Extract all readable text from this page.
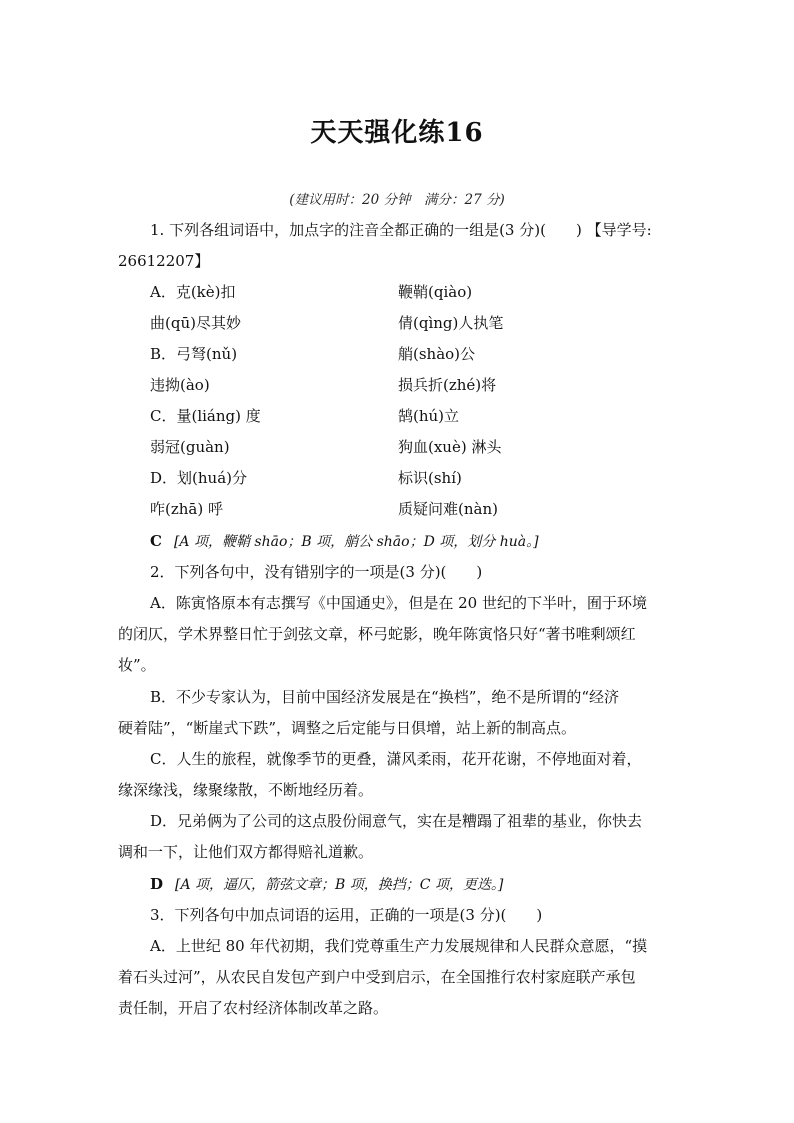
天天强化练16
(建议用时：20 分钟　满分：27 分)
1. 下列各组词语中，加点字的注音全都正确的一组是(3 分)(　　) 【导学号:
26612207】
A．克(kè)扣	鞭鞘(qiào)
曲(qū)尽其妙	倩(qìng)人执笔
B．弓弩(nǔ)	艄(shào)公
违拗(ào)	损兵折(zhé)将
C．量(liáng) 度	鹄(hú)立
弱冠(guàn)	狗血(xuè) 淋头
D．划(huá)分	标识(shí)
咋(zhā) 呼	质疑问难(nàn)
C [A 项，鞭鞘 shāo；B 项，艄公 shāo；D 项，划分 huà。]
2．下列各句中，没有错别字的一项是(3 分)(　　)
A．陈寅恪原本有志撰写《中国通史》，但是在 20 世纪的下半叶，囿于环境
的闭仄，学术界整日忙于剑弦文章，杯弓蛇影，晚年陈寅恪只好“著书唯剩颂红
妆”。
B．不少专家认为，目前中国经济发展是在“换档”，绝不是所谓的“经济
硬着陆”，“断崖式下跌”，调整之后定能与日俱增，站上新的制高点。
C．人生的旅程，就像季节的更叠，潇风柔雨，花开花谢，不停地面对着，
缘深缘浅，缘聚缘散，不断地经历着。
D．兄弟俩为了公司的这点股份闹意气，实在是糟蹋了祖辈的基业，你快去
调和一下，让他们双方都得赔礼道歉。
D [A 项，逼仄，箭弦文章；B 项，换挡；C 项，更迭。]
3．下列各句中加点词语的运用，正确的一项是(3 分)(　　)
A．上世纪 80 年代初期，我们党尊重生产力发展规律和人民群众意愿，“摸
着石头过河”，从农民自发包产到户中受到启示，在全国推行农村家庭联产承包
责任制，开启了农村经济体制改革之路。
